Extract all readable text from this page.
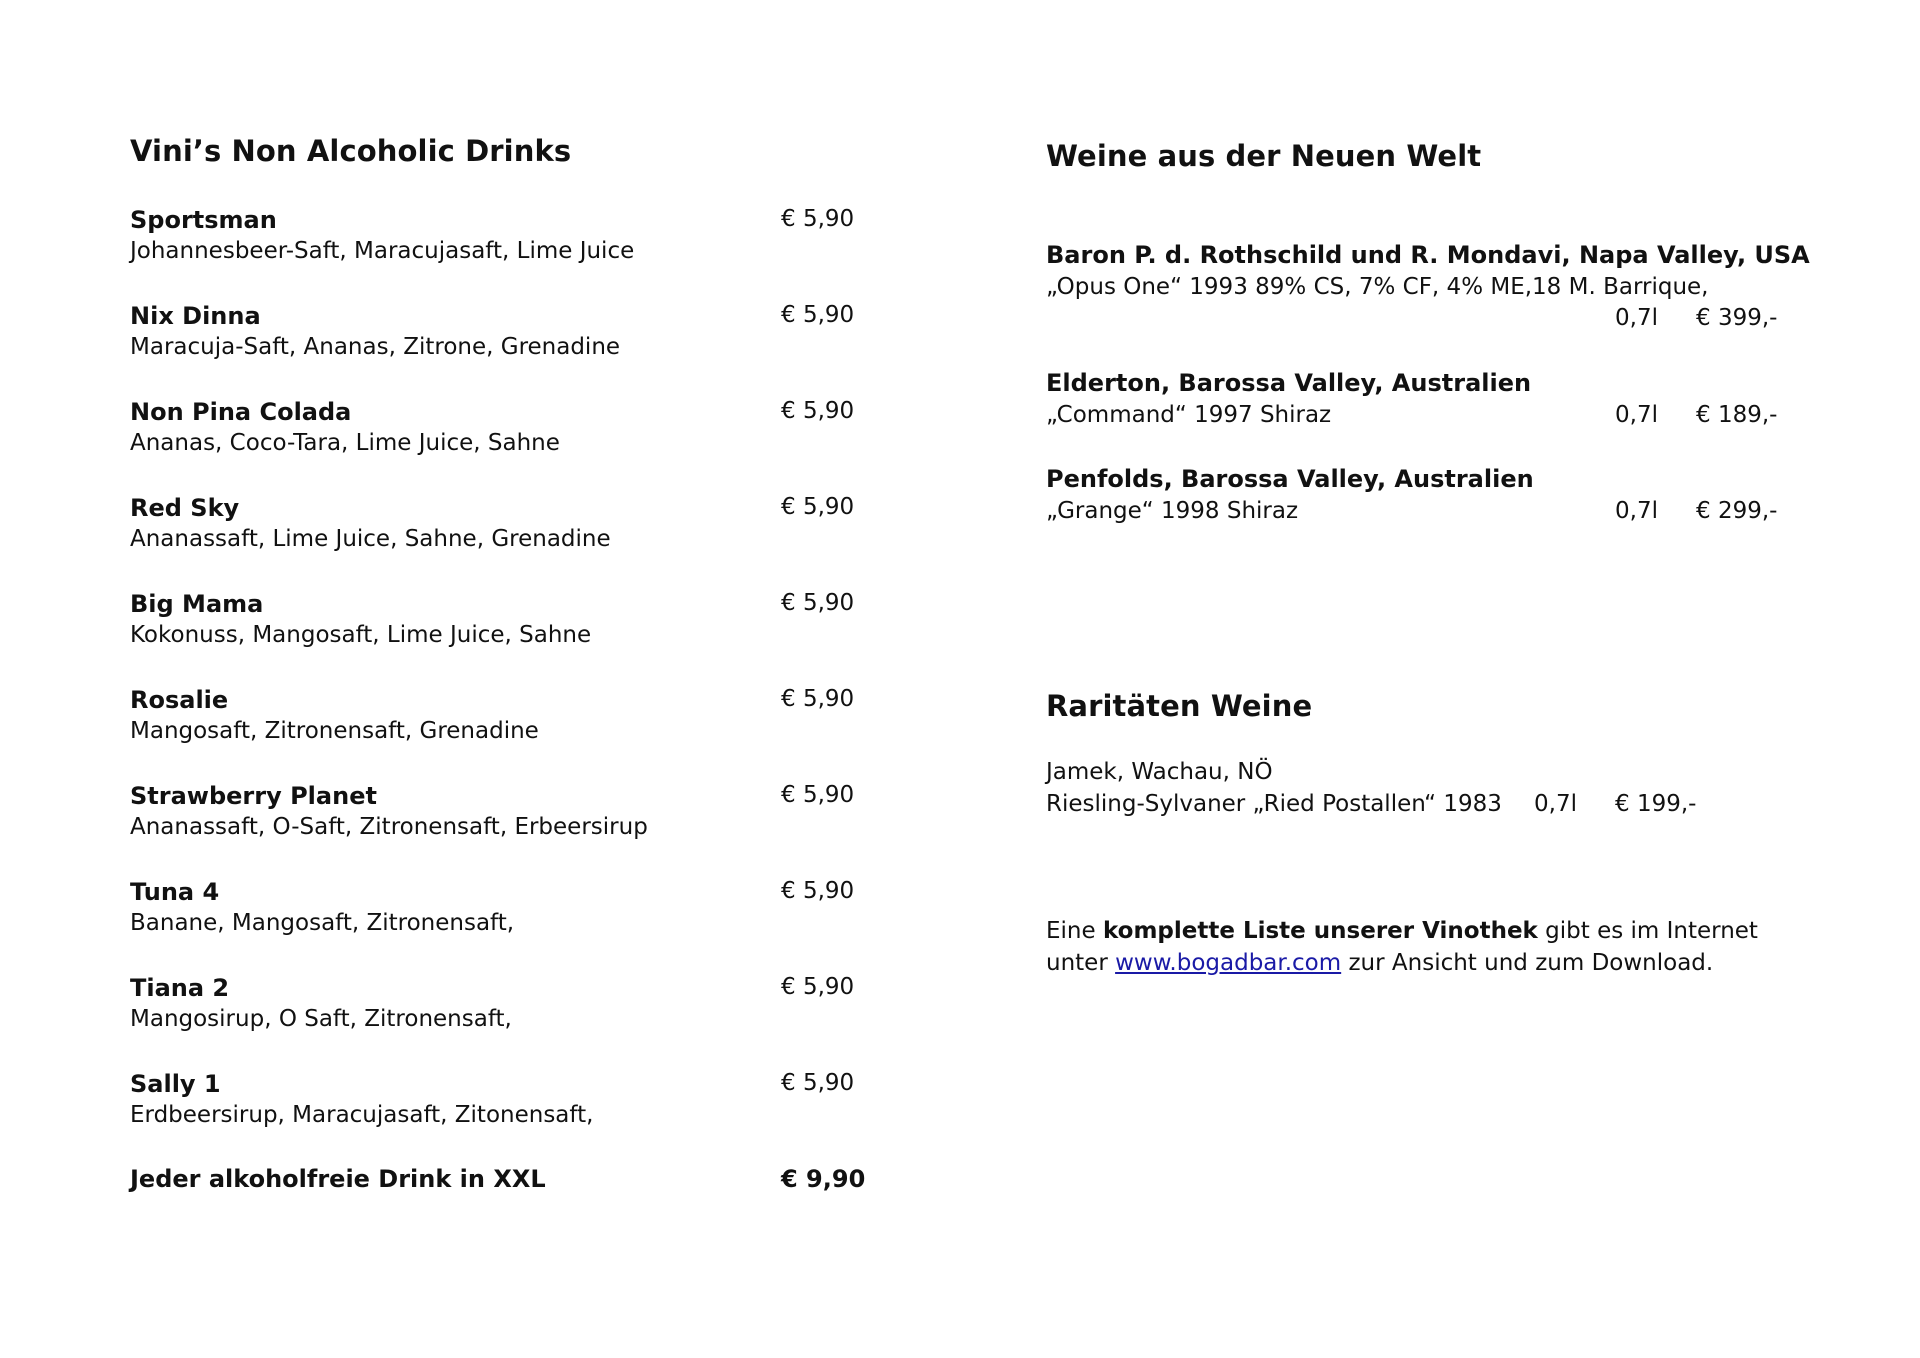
Vini’s Non Alcoholic Drinks
Sportsman
Johannesbeer-Saft, Maracujasaft, Lime Juice
€ 5,90
Nix Dinna
Maracuja-Saft, Ananas, Zitrone, Grenadine
€ 5,90
Non Pina Colada
Ananas, Coco-Tara, Lime Juice, Sahne
€ 5,90
Red Sky
Ananassaft, Lime Juice, Sahne, Grenadine
€ 5,90
Big Mama
Kokonuss, Mangosaft, Lime Juice, Sahne
€ 5,90
Rosalie
Mangosaft, Zitronensaft, Grenadine
€ 5,90
Strawberry Planet
Ananassaft, O-Saft, Zitronensaft, Erbeersirup
€ 5,90
Tuna 4
Banane, Mangosaft, Zitronensaft,
€ 5,90
Tiana 2
Mangosirup, O Saft, Zitronensaft,
€ 5,90
Sally 1
Erdbeersirup, Maracujasaft, Zitonensaft,
€ 5,90
Jeder alkoholfreie Drink in XXL	€ 9,90
Weine aus der Neuen Welt
Baron P. d. Rothschild und R. Mondavi, Napa Valley, USA
„Opus One“ 1993 89% CS, 7% CF, 4% ME,18 M. Barrique,
0,7l € 399,-
Elderton, Barossa Valley, Australien
„Command“ 1997 Shiraz	0,7l € 189,-
Penfolds, Barossa Valley, Australien
„Grange“ 1998 Shiraz	0,7l € 299,-
Raritäten Weine
Jamek, Wachau, NÖ
Riesling-Sylvaner „Ried Postallen“ 1983 0,7l € 199,-
Eine komplette Liste unserer Vinothek gibt es im Internet
unter www.bogadbar.com zur Ansicht und zum Download.
